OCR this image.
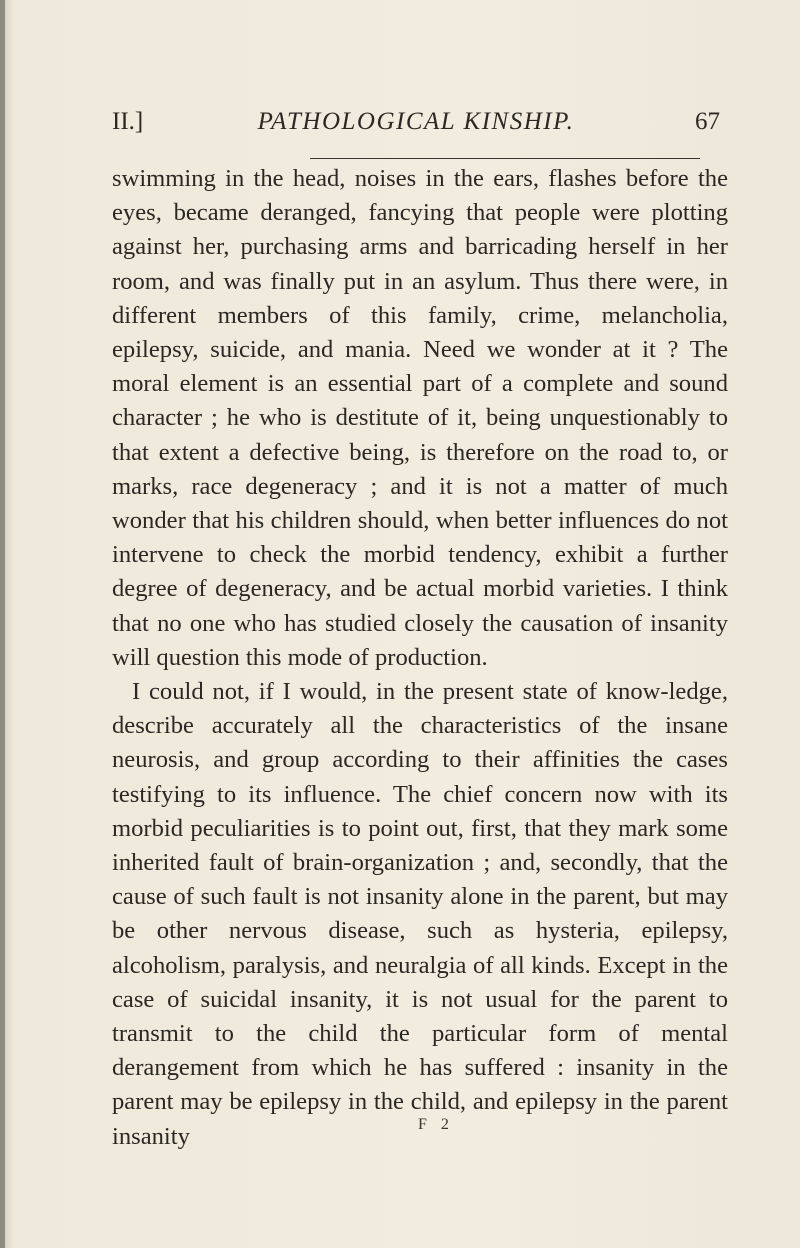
II.]	PATHOLOGICAL KINSHIP.	67

swimming in the head, noises in the ears, flashes before the eyes, became deranged, fancying that people were plotting against her, purchasing arms and barricading herself in her room, and was finally put in an asylum. Thus there were, in different members of this family, crime, melancholia, epilepsy, suicide, and mania. Need we wonder at it ? The moral element is an essential part of a complete and sound character ; he who is destitute of it, being unquestionably to that extent a defective being, is therefore on the road to, or marks, race degeneracy ; and it is not a matter of much wonder that his children should, when better influences do not intervene to check the morbid tendency, exhibit a further degree of degeneracy, and be actual morbid varieties. I think that no one who has studied closely the causation of insanity will question this mode of production.

I could not, if I would, in the present state of know-ledge, describe accurately all the characteristics of the insane neurosis, and group according to their affinities the cases testifying to its influence. The chief concern now with its morbid peculiarities is to point out, first, that they mark some inherited fault of brain-organization ; and, secondly, that the cause of such fault is not insanity alone in the parent, but may be other nervous disease, such as hysteria, epilepsy, alcoholism, paralysis, and neuralgia of all kinds. Except in the case of suicidal insanity, it is not usual for the parent to transmit to the child the particular form of mental derangement from which he has suffered : insanity in the parent may be epilepsy in the child, and epilepsy in the parent insanity	F 2
